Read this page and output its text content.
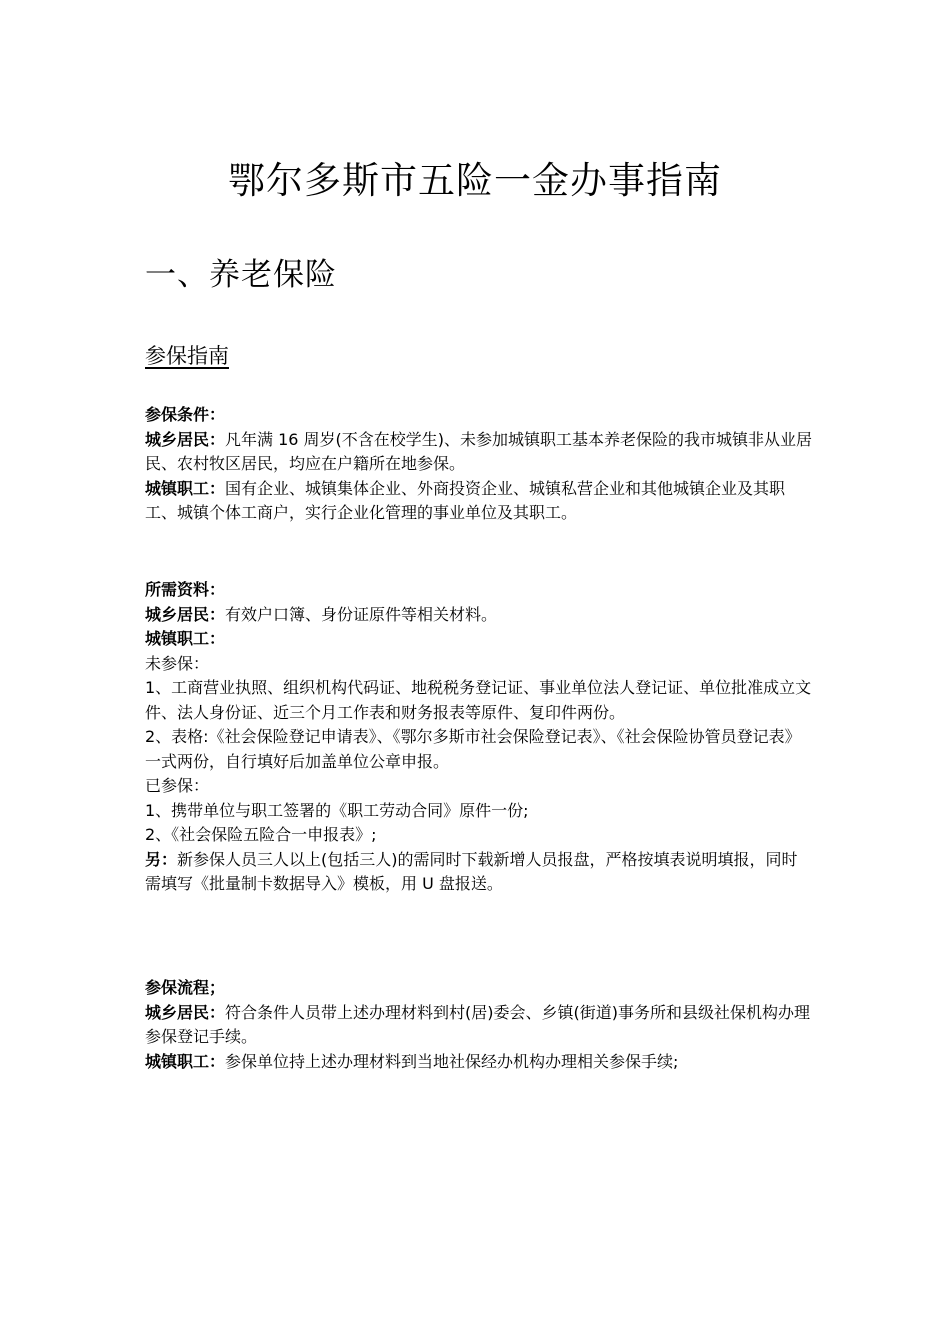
鄂尔多斯市五险一金办事指南
一、养老保险
参保指南

参保条件：

城乡居民：凡年满 16 周岁(不含在校学生)、未参加城镇职工基本养老保险的我市城镇非从业居民、农村牧区居民，均应在户籍所在地参保。

城镇职工：国有企业、城镇集体企业、外商投资企业、城镇私营企业和其他城镇企业及其职工、城镇个体工商户，实行企业化管理的事业单位及其职工。

所需资料：

城乡居民：有效户口簿、身份证原件等相关材料。

城镇职工：

未参保：

1、工商营业执照、组织机构代码证、地税税务登记证、事业单位法人登记证、单位批准成立文件、法人身份证、近三个月工作表和财务报表等原件、复印件两份。

2、表格:《社会保险登记申请表》、《鄂尔多斯市社会保险登记表》、《社会保险协管员登记表》一式两份，自行填好后加盖单位公章申报。

已参保：

1、携带单位与职工签署的《职工劳动合同》原件一份;

2、《社会保险五险合一申报表》;

另：新参保人员三人以上(包括三人)的需同时下载新增人员报盘，严格按填表说明填报，同时需填写《批量制卡数据导入》模板，用 U 盘报送。

参保流程；

城乡居民：符合条件人员带上述办理材料到村(居)委会、乡镇(街道)事务所和县级社保机构办理参保登记手续。

城镇职工：参保单位持上述办理材料到当地社保经办机构办理相关参保手续;
